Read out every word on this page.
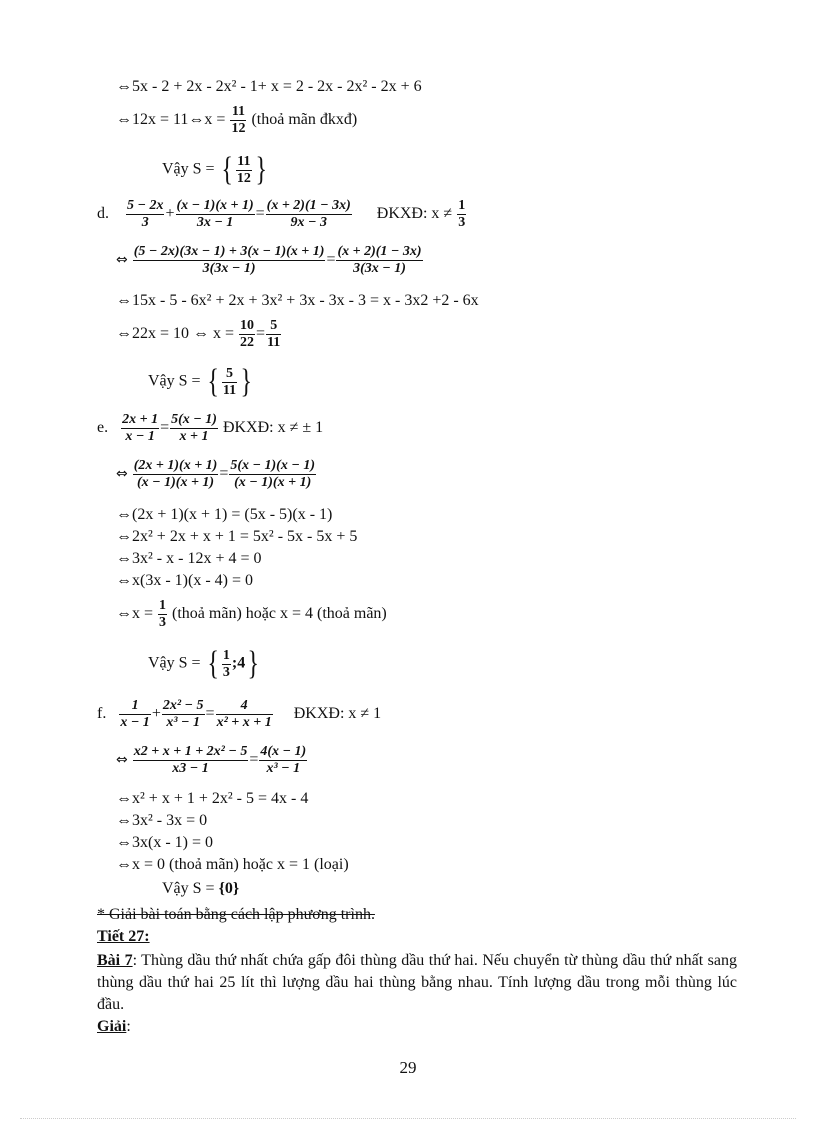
⇔5x - 2 + 2x - 2x² - 1+ x = 2 - 2x - 2x² - 2x + 6
⇔12x = 11⇔x = $\frac{11}{12}$ (thoả mãn đkxđ)
Vậy S = { $\frac{11}{12}$ }
d. $\frac{5 - 2x}{3} + \frac{(x - 1)(x + 1)}{3x - 1} = \frac{(x + 2)(1 - 3x)}{9x - 3}$ ĐKXĐ: $x \ne \frac{1}{3}$
⇔ $\frac{(5 - 2x)(3x - 1) + 3(x - 1)(x + 1)}{3(3x - 1)} = \frac{(x + 2)(1 - 3x)}{3(3x - 1)}$
⇔15x - 5 - 6x² + 2x + 3x² + 3x - 3x - 3 = x - 3x2 +2 - 6x
⇔22x = 10 ⇔ $x = \frac{10}{22} = \frac{5}{11}$
Vậy S = { $\frac{5}{11}$ }
e. $\frac{2x + 1}{x - 1} = \frac{5(x - 1)}{x + 1}$ ĐKXĐ: x ≠ ± 1
⇔ $\frac{(2x + 1)(x + 1)}{(x - 1)(x + 1)} = \frac{5(x - 1)(x - 1)}{(x - 1)(x + 1)}$
⇔(2x + 1)(x + 1) = (5x - 5)(x - 1)
⇔2x² + 2x + x + 1 = 5x² - 5x - 5x + 5
⇔3x² - x - 12x + 4 = 0
⇔x(3x - 1)(x - 4) = 0
⇔x = $\frac{1}{3}$ (thoả mãn) hoặc x = 4 (thoả mãn)
Vậy S = { $\frac{1}{3}$ ;4}
f. $\frac{1}{x - 1} + \frac{\text{2x² − 5}}{\text{x³ − 1}} = \frac{4}{\text{x² + x + 1}}$ ĐKXĐ: x ≠ 1
⇔ $\frac{\text{x2 + x + 1 + 2x² − 5}}{x3 - 1} = \frac{4(x - 1)}{\text{x³ − 1}}$
⇔x² + x + 1 + 2x² - 5 = 4x - 4
⇔3x² - 3x = 0
⇔3x(x - 1) = 0
⇔x = 0 (thoả mãn) hoặc x = 1 (loại)
Vậy S = {0}
* Giải bài toán bằng cách lập phương trình.
Tiết 27:
Bài 7: Thùng dầu thứ nhất chứa gấp đôi thùng dầu thứ hai. Nếu chuyển từ thùng dầu thứ nhất sang thùng dầu thứ hai 25 lít thì lượng dầu hai thùng bằng nhau. Tính lượng dầu trong mỗi thùng lúc đầu.
Giải:
29
